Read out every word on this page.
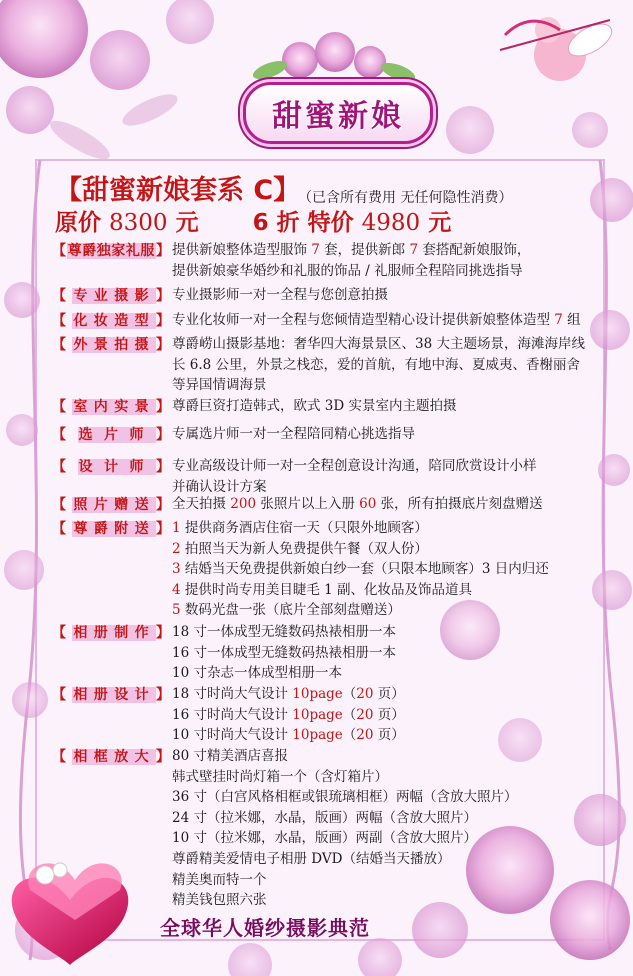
甜蜜新娘
【甜蜜新娘套系 C】
（已含所有费用 无任何隐性消费）
原价 8300 元 6 折 特价 4980 元
【尊爵独家礼服】 提供新娘整体造型服饰 7 套，提供新郎 7 套搭配新娘服饰，
提供新娘豪华婚纱和礼服的饰品 / 礼服师全程陪同挑选指导
【专业摄影】 专业摄影师一对一全程与您创意拍摄
【化妆造型】 专业化妆师一对一全程与您倾情造型精心设计提供新娘整体造型 7 组
【外景拍摄】 尊爵崂山摄影基地：奢华四大海景景区、38 大主题场景，海滩海岸线
长 6.8 公里，外景之栈恋，爱的首航，有地中海、夏威夷、香榭丽舍
等异国情调海景
【室内实景】 尊爵巨资打造韩式，欧式 3D 实景室内主题拍摄
【选片师】 专属选片师一对一全程陪同精心挑选指导
【设计师】 专业高级设计师一对一全程创意设计沟通，陪同欣赏设计小样
并确认设计方案
【照片赠送】 全天拍摄 200 张照片以上入册 60 张，所有拍摄底片刻盘赠送
【尊爵附送】 1 提供商务酒店住宿一天（只限外地顾客）
2 拍照当天为新人免费提供午餐（双人份）
3 结婚当天免费提供新娘白纱一套（只限本地顾客）3 日内归还
4 提供时尚专用美目睫毛 1 副、化妆品及饰品道具
5 数码光盘一张（底片全部刻盘赠送）
【相册制作】 18 寸一体成型无缝数码热裱相册一本
16 寸一体成型无缝数码热裱相册一本
10 寸杂志一体成型相册一本
【相册设计】 18 寸时尚大气设计 10page（20 页）
16 寸时尚大气设计 10page（20 页）
10 寸时尚大气设计 10page（20 页）
【相框放大】 80 寸精美酒店喜报
韩式壁挂时尚灯箱一个（含灯箱片）
36 寸（白宫风格相框或银琉璃相框）两幅（含放大照片）
24 寸（拉米娜，水晶，版画）两幅（含放大照片）
10 寸（拉米娜，水晶，版画）两副（含放大照片）
尊爵精美爱情电子相册 DVD（结婚当天播放）
精美奥而特一个
精美钱包照六张
全球华人婚纱摄影典范
